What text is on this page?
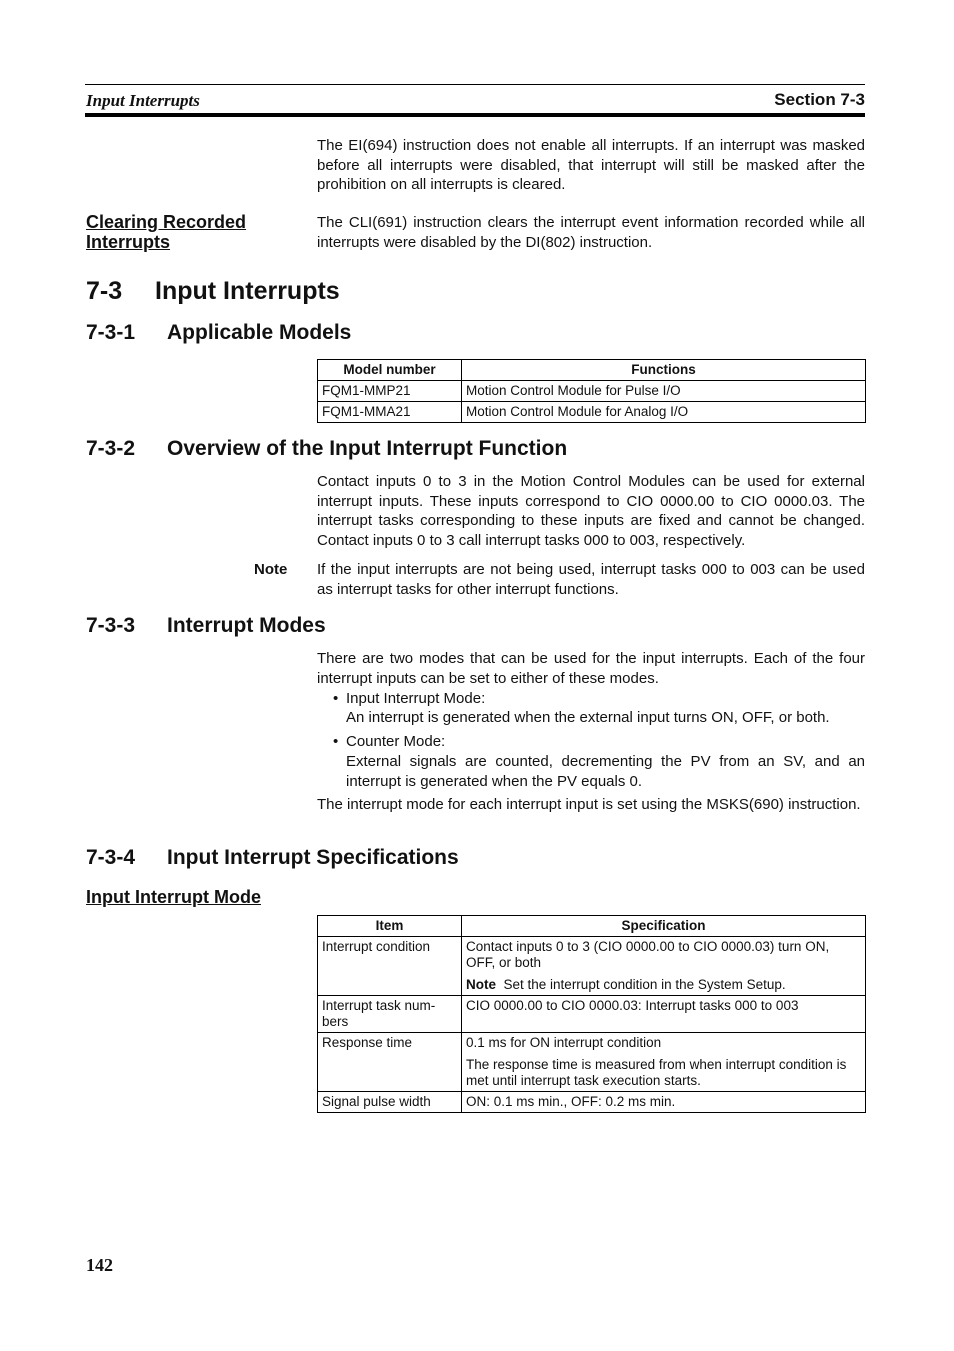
Input Interrupts	Section 7-3
The EI(694) instruction does not enable all interrupts. If an interrupt was masked before all interrupts were disabled, that interrupt will still be masked after the prohibition on all interrupts is cleared.
Clearing Recorded Interrupts
The CLI(691) instruction clears the interrupt event information recorded while all interrupts were disabled by the DI(802) instruction.
7-3 Input Interrupts
7-3-1 Applicable Models
Model number	Functions
FQM1-MMP21	Motion Control Module for Pulse I/O
FQM1-MMA21	Motion Control Module for Analog I/O
7-3-2 Overview of the Input Interrupt Function
Contact inputs 0 to 3 in the Motion Control Modules can be used for external interrupt inputs. These inputs correspond to CIO 0000.00 to CIO 0000.03. The interrupt tasks corresponding to these inputs are fixed and cannot be changed. Contact inputs 0 to 3 call interrupt tasks 000 to 003, respectively.
Note If the input interrupts are not being used, interrupt tasks 000 to 003 can be used as interrupt tasks for other interrupt functions.
7-3-3 Interrupt Modes
There are two modes that can be used for the input interrupts. Each of the four interrupt inputs can be set to either of these modes.
• Input Interrupt Mode:
An interrupt is generated when the external input turns ON, OFF, or both.
• Counter Mode:
External signals are counted, decrementing the PV from an SV, and an interrupt is generated when the PV equals 0.
The interrupt mode for each interrupt input is set using the MSKS(690) instruction.
7-3-4 Input Interrupt Specifications
Input Interrupt Mode
Item	Specification
Interrupt condition	Contact inputs 0 to 3 (CIO 0000.00 to CIO 0000.03) turn ON, OFF, or both
Note Set the interrupt condition in the System Setup.

Interrupt task num-bers	CIO 0000.00 to CIO 0000.03: Interrupt tasks 000 to 003
Response time	0.1 ms for ON interrupt condition
The response time is measured from when interrupt condition is met until interrupt task execution starts.

Signal pulse width	ON: 0.1 ms min., OFF: 0.2 ms min.
142
